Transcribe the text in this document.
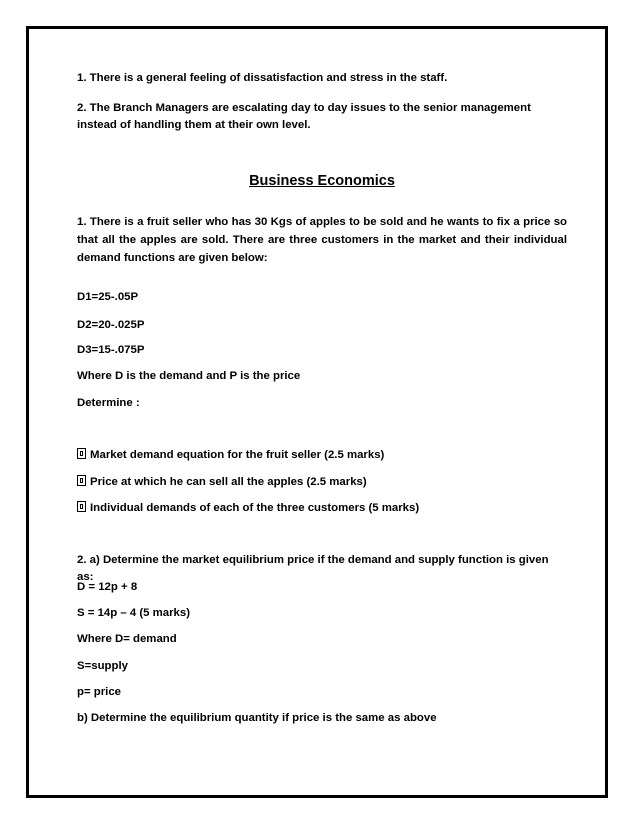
1. There is a general feeling of dissatisfaction and stress in the staff.

2. The Branch Managers are escalating day to day issues to the senior management instead of handling them at their own level.

Business Economics

1. There is a fruit seller who has 30 Kgs of apples to be sold and he wants to fix a price so that all the apples are sold. There are three customers in the market and their individual demand functions are given below:

D1=25-.05P

D2=20-.025P

D3=15-.075P

Where D is the demand and P is the price

Determine :

Market demand equation for the fruit seller (2.5 marks)

Price at which he can sell all the apples (2.5 marks)

Individual demands of each of the three customers (5 marks)

2. a) Determine the market equilibrium price if the demand and supply function is given as:

D = 12p + 8

S = 14p – 4 (5 marks)

Where D= demand

S=supply

p= price

b) Determine the equilibrium quantity if price is the same as above
